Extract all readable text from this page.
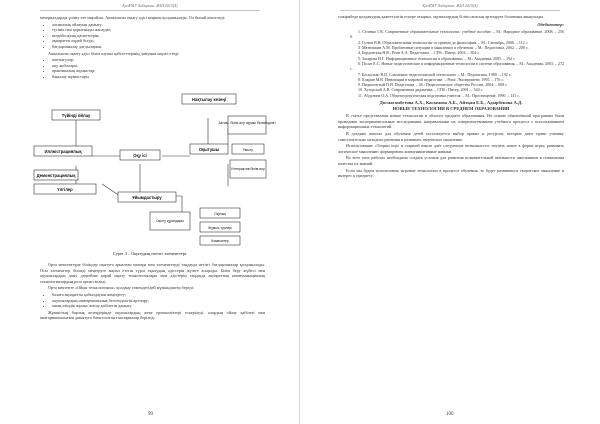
ҚазҰМУ Хабаршы. ЖШ 2015(4)

материалдарды ұсыну өте ыңғайлы. Ашылмалы оқыту әдісі кеңінен қолданылады. Ол былай жіктеледі:

• логикалық ойлауын дамыту;
• түсінік пен қорытынды жасауды;
• кездейсоқтық қасиеттерін;
• ақпаратты өңдей білуді;
• бағдарламалау дағдыларын.

Ашылмалы оқыту әдісі білім алушы қабілеттерінің дамуына ықпал етеді:

• жаттығулар;
• оқу жобалары;
• практикалық жұмыстар;
• бақылау жұмыстары.
Түйінді ойлау
Иллюстрациялық
Оқу ісі
Демонстрациялық
Үлгілер
Нақтылау кезеңі
Оқытушы
Ұйымдастыру
Актив - білім алу оқушы белсенділігі
Ұмыту
Интерактив білім алу
Оқыту құралдары
Оқулық
Жұмыс түрлері
Компьютер
Сурет 3 – Оқытудың негізгі элементтері.

Орта мектептерде білімдер оқытуға арналған мазмұн мен элементтерді таңдауда негізгі бағдарламалар қолданылады. Осы элементтер білімді меңгеруге ықпал ететін түрлі оқытудың әдістерін жүзеге асырады. Білім беру жүйесі мен оқушылардың даму деңгейіне қарай оқыту технологиялары мен әдістерін таңдауда ақпараттық коммуникациялық технологиялардың рөлі артып келеді.

Орта мектепте «Ойын технологиясы» қолдану төмендегідей мүмкіндіктер береді:

• балаға ақпаратты қабылдауын жеңілдету;
• оқушылардың шығармашылық белсенділігін арттыру;
• оның өзіндік жұмыс жасау қабілетін дамыту.

Жұмыстың барлық кезеңдерінде оқушылардың жеке ерекшеліктері ескеріледі, олардың ойлау қабілеті мен шығармашылығын дамытуға бағытталған тапсырмалар беріледі.

99
ҚазҰМУ Хабаршы. ЖШ 2015(4)

тәжірибеде қолданудың қажеттілігін ескере отырып, оқушылардың білім сапасын арттыруға болатыны анықталды.

Әдебиеттер:
1. Селевко Г.К. Современные образовательные технологии: учебное пособие. – М.: Народное образование, 2008. – 256 б.
2. Гузеев В.В. Образовательная технология: от приема до философии. – М.: Сентябрь, 2006. – 112 с.
3. Матюшкин А.М. Проблемные ситуации в мышлении и обучении. – М.: Педагогика, 2002. – 208 с.
4. Бордовская Н.В., Реан А.А. Педагогика. – СПб.: Питер, 2003. – 304 с.
5. Захарова И.Г. Информационные технологии в образовании. – М.: Академия, 2005. – 192 с.
6. Полат Е.С. Новые педагогические и информационные технологии в системе образования. – М.: Академия, 2003. – 272 с.
7. Беспалько В.П. Слагаемые педагогической технологии. – М.: Педагогика, 1989. – 192 с.
8. Кларин М.В. Инновации в мировой педагогике. – Рига: Эксперимент, 1995. – 176 с.
9. Пидкасистый П.И. Педагогика. – М.: Педагогическое общество России, 2004. – 608 с.
10. Хуторской А.В. Современная дидактика. – СПб.: Питер, 2001. – 544 с.
11. Абдулина О.А. Общепедагогическая подготовка учителя. – М.: Просвещение, 1990. – 141 с.
Досмагамбетова А.Х., Касымова А.Б., Айтқан Е.Б., Адырбекова А.Д.
НОВЫЕ ТЕХНОЛОГИИ В СРЕДНЕМ ОБРАЗОВАНИИ

В статье представлены новые технологии в области среднего образования. На основе обновлённой программы были проведены экспериментальные исследования, направленные на совершенствование учебного процесса с использованием информационных технологий.

В средних школах для обучения детей используется выбор правил и ресурсов, которые дают право ученику самостоятельно находить решения и развивать творческое мышление.

Использование «Теории игр» в старшей школе даёт следующие возможности: изучать новое в форме игры; развивать логическое мышление; формировать коммуникативные навыки.

Во всех этих работах необходимо создать условия для развития познавательной активности школьников и повышения качества их знаний.

Если мы будем использовать игровые технологии в процессе обучения, то будет развиваться творческое мышление и интерес к предмету.

100
